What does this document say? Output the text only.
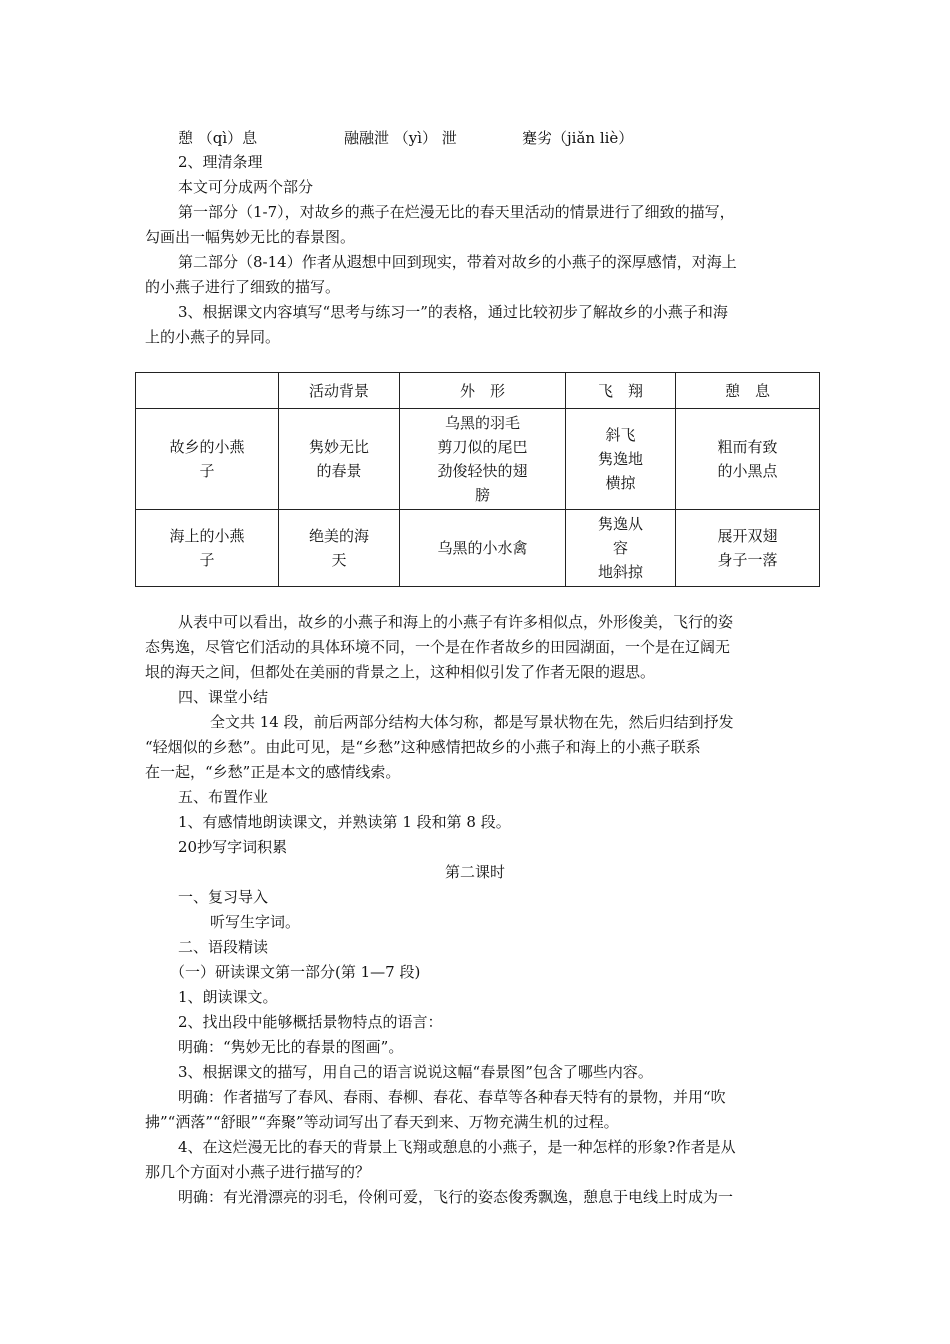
憩 （qì）息	融融泄 （yì） 泄	蹇劣（jiǎn liè）
2、理清条理
本文可分成两个部分
第一部分（1-7），对故乡的燕子在烂漫无比的春天里活动的情景进行了细致的描写，
勾画出一幅隽妙无比的春景图。
第二部分（8-14）作者从遐想中回到现实，带着对故乡的小燕子的深厚感情，对海上
的小燕子进行了细致的描写。
3、根据课文内容填写“思考与练习一”的表格，通过比较初步了解故乡的小燕子和海
上的小燕子的异同。
	活动背景	外　形	飞　翔	憩　息
故乡的小燕
子	隽妙无比
的春景	乌黑的羽毛
剪刀似的尾巴
劲俊轻快的翅
膀	斜飞
隽逸地
横掠	粗而有致
的小黑点
海上的小燕
子	绝美的海
天	乌黑的小水禽	隽逸从
容
地斜掠	展开双翅
身子一落
从表中可以看出，故乡的小燕子和海上的小燕子有许多相似点，外形俊美，飞行的姿
态隽逸，尽管它们活动的具体环境不同，一个是在作者故乡的田园湖面，一个是在辽阔无
垠的海天之间，但都处在美丽的背景之上，这种相似引发了作者无限的遐思。
四、课堂小结
全文共 14 段，前后两部分结构大体匀称，都是写景状物在先，然后归结到抒发
“轻烟似的乡愁”。由此可见，是“乡愁”这种感情把故乡的小燕子和海上的小燕子联系
在一起，“乡愁”正是本文的感情线索。
五、布置作业
1、有感情地朗读课文，并熟读第 1 段和第 8 段。
20抄写字词积累
第二课时
一、复习导入
听写生字词。
二、语段精读
（一）研读课文第一部分(第 1—7 段)
1、朗读课文。
2、找出段中能够概括景物特点的语言：
明确：“隽妙无比的春景的图画”。
3、根据课文的描写，用自己的语言说说这幅“春景图”包含了哪些内容。
明确：作者描写了春风、春雨、春柳、春花、春草等各种春天特有的景物，并用“吹
拂”“洒落”“舒眼”“奔聚”等动词写出了春天到来、万物充满生机的过程。
4、在这烂漫无比的春天的背景上飞翔或憩息的小燕子，是一种怎样的形象?作者是从
那几个方面对小燕子进行描写的？
明确：有光滑漂亮的羽毛，伶俐可爱，飞行的姿态俊秀飘逸，憩息于电线上时成为一
